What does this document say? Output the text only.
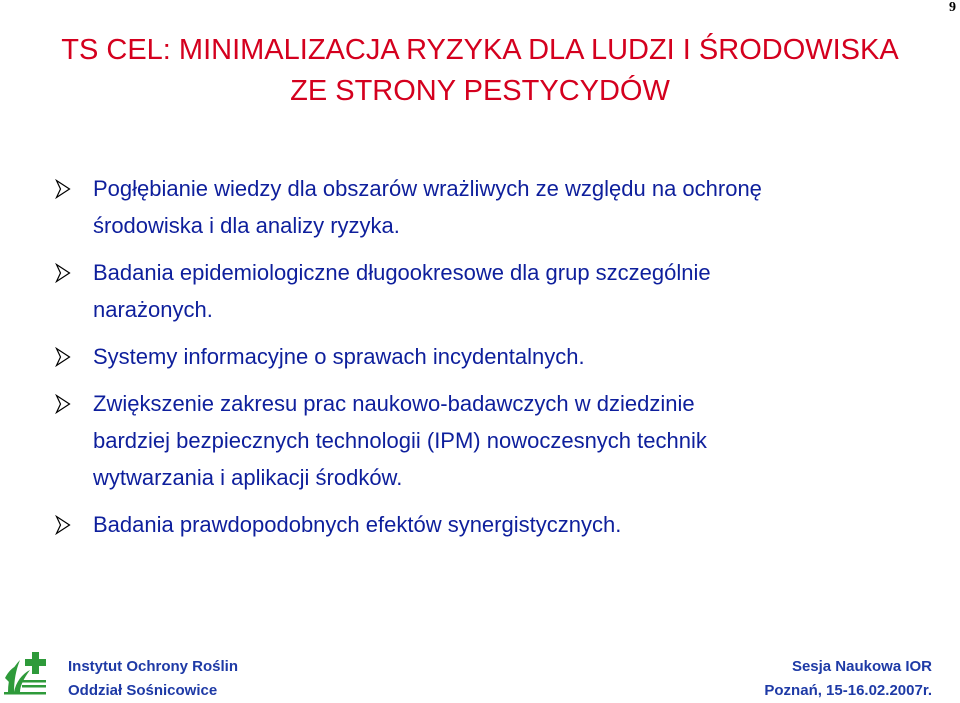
9
TS CEL: MINIMALIZACJA RYZYKA DLA LUDZI I ŚRODOWISKA
ZE STRONY PESTYCYDÓW
Pogłębianie wiedzy dla obszarów wrażliwych ze względu na ochronę
środowiska i dla analizy ryzyka.
Badania epidemiologiczne długookresowe dla grup szczególnie
narażonych.
Systemy informacyjne o sprawach incydentalnych.
Zwiększenie zakresu prac naukowo-badawczych w dziedzinie
bardziej bezpiecznych technologii (IPM) nowoczesnych technik
wytwarzania i aplikacji środków.
Badania prawdopodobnych efektów synergistycznych.
Instytut Ochrony Roślin
Oddział Sośnicowice
Sesja Naukowa IOR
Poznań, 15-16.02.2007r.
